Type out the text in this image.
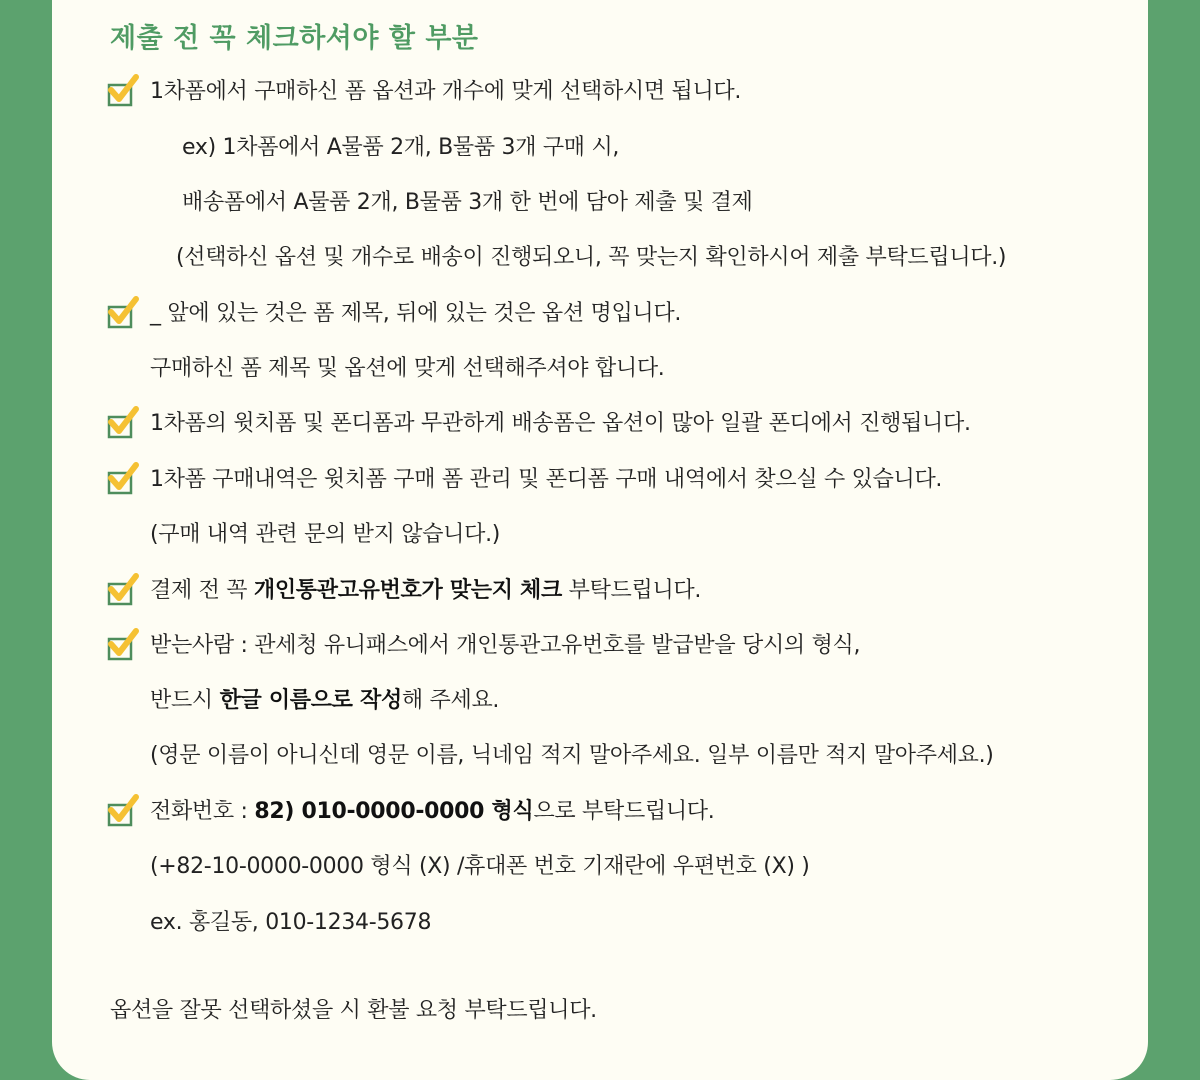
제출 전 꼭 체크하셔야 할 부분
1차폼에서 구매하신 폼 옵션과 개수에 맞게 선택하시면 됩니다.
ex) 1차폼에서 A물품 2개, B물품 3개 구매 시,
배송폼에서 A물품 2개, B물품 3개 한 번에 담아 제출 및 결제
(선택하신 옵션 및 개수로 배송이 진행되오니, 꼭 맞는지 확인하시어 제출 부탁드립니다.)
_ 앞에 있는 것은 폼 제목, 뒤에 있는 것은 옵션 명입니다.
구매하신 폼 제목 및 옵션에 맞게 선택해주셔야 합니다.
1차폼의 윗치폼 및 폰디폼과 무관하게 배송폼은 옵션이 많아 일괄 폰디에서 진행됩니다.
1차폼 구매내역은 윗치폼 구매 폼 관리 및 폰디폼 구매 내역에서 찾으실 수 있습니다.
(구매 내역 관련 문의 받지 않습니다.)
결제 전 꼭 개인통관고유번호가 맞는지 체크 부탁드립니다.
받는사람 : 관세청 유니패스에서 개인통관고유번호를 발급받을 당시의 형식,
반드시 한글 이름으로 작성해 주세요.
(영문 이름이 아니신데 영문 이름, 닉네임 적지 말아주세요. 일부 이름만 적지 말아주세요.)
전화번호 : 82) 010-0000-0000 형식으로 부탁드립니다.
(+82-10-0000-0000 형식 (X) /휴대폰 번호 기재란에 우편번호 (X) )
ex. 홍길동, 010-1234-5678
옵션을 잘못 선택하셨을 시 환불 요청 부탁드립니다.
